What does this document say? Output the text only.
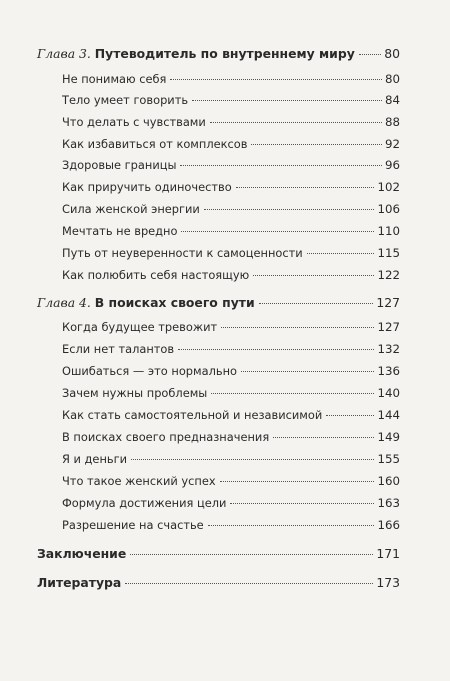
Глава 3. Путеводитель по внутреннему миру 80
Не понимаю себя	80
Тело умеет говорить	84
Что делать с чувствами	88
Как избавиться от комплексов	92
Здоровые границы	96
Как приручить одиночество	102
Сила женской энергии	106
Мечтать не вредно	110
Путь от неуверенности к самоценности	115
Как полюбить себя настоящую	122
Глава 4. В поисках своего пути	127
Когда будущее тревожит	127
Если нет талантов	132
Ошибаться — это нормально	136
Зачем нужны проблемы	140
Как стать самостоятельной и независимой	144
В поисках своего предназначения	149
Я и деньги	155
Что такое женский успех	160
Формула достижения цели	163
Разрешение на счастье	166
Заключение	171
Литература	173
